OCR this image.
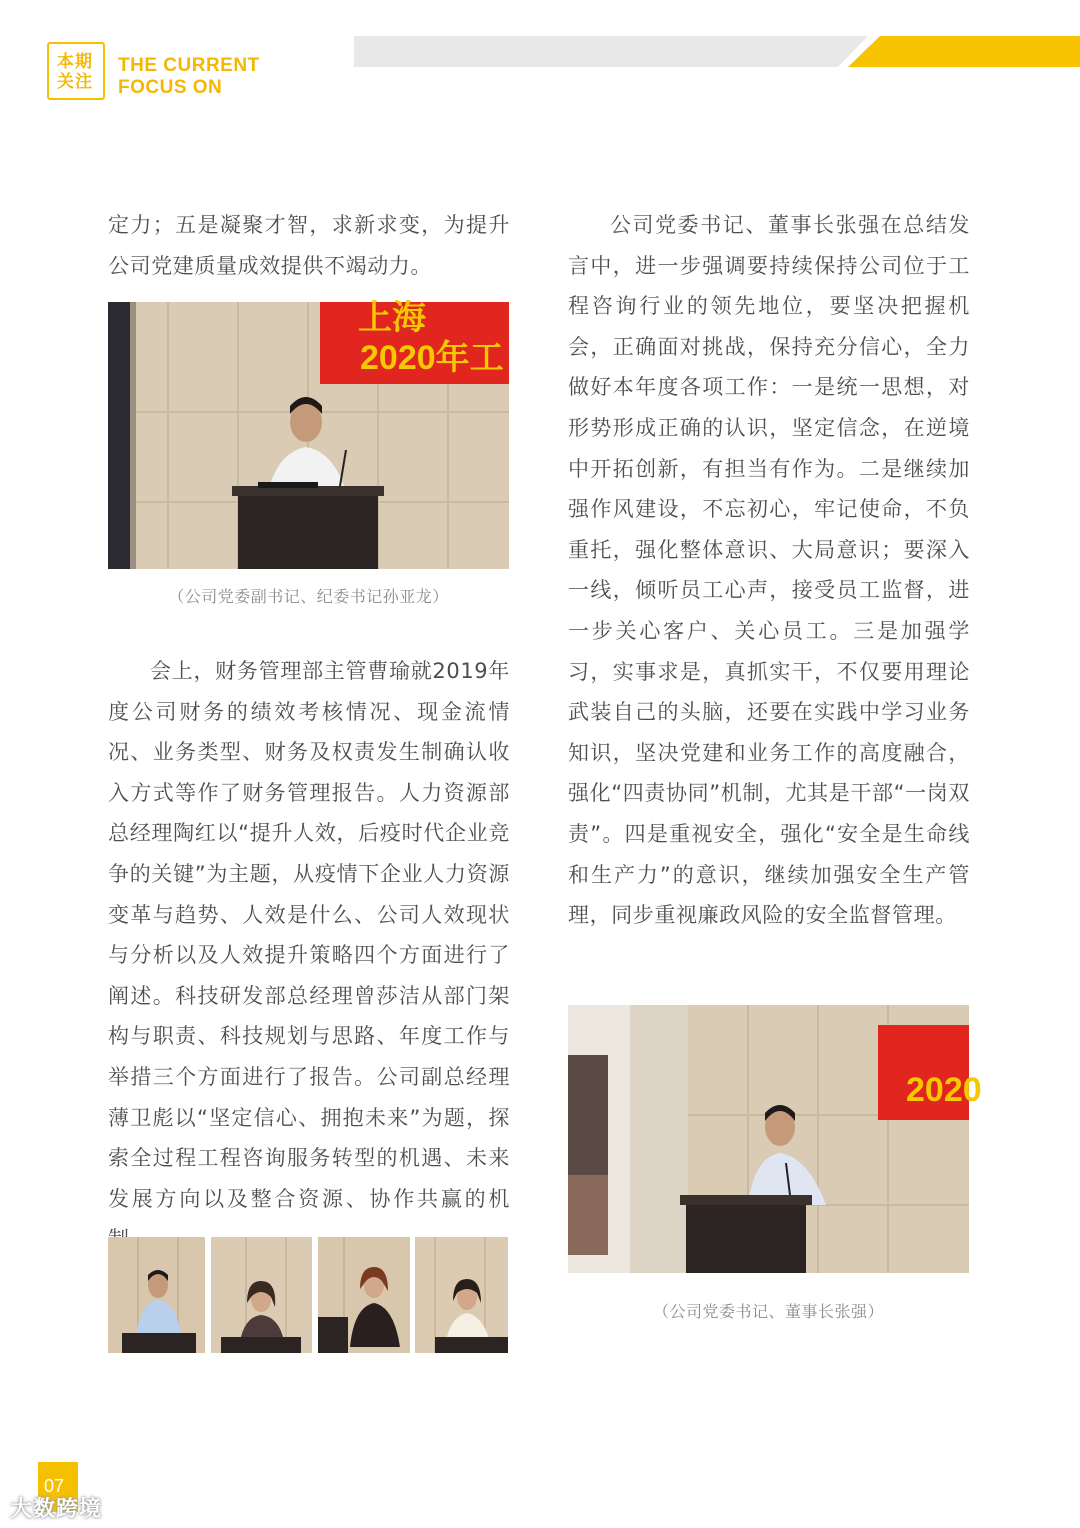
本期关注
THE CURRENT
FOCUS ON

定力；五是凝聚才智，求新求变，为提升公司党建质量成效提供不竭动力。

上海
2020年工
（公司党委副书记、纪委书记孙亚龙）

会上，财务管理部主管曹瑜就2019年度公司财务的绩效考核情况、现金流情况、业务类型、财务及权责发生制确认收入方式等作了财务管理报告。人力资源部总经理陶红以“提升人效，后疫时代企业竞争的关键”为主题，从疫情下企业人力资源变革与趋势、人效是什么、公司人效现状与分析以及人效提升策略四个方面进行了阐述。科技研发部总经理曾莎洁从部门架构与职责、科技规划与思路、年度工作与举措三个方面进行了报告。公司副总经理薄卫彪以“坚定信心、拥抱未来”为题，探索全过程工程咨询服务转型的机遇、未来发展方向以及整合资源、协作共赢的机

公司党委书记、董事长张强在总结发言中，进一步强调要持续保持公司位于工程咨询行业的领先地位，要坚决把握机会，正确面对挑战，保持充分信心，全力做好本年度各项工作：一是统一思想，对形势形成正确的认识，坚定信念，在逆境中开拓创新，有担当有作为。二是继续加强作风建设，不忘初心，牢记使命，不负重托，强化整体意识、大局意识；要深入一线，倾听员工心声，接受员工监督，进一步关心客户、关心员工。三是加强学习，实事求是，真抓实干，不仅要用理论武装自己的头脑，还要在实践中学习业务知识，坚决党建和业务工作的高度融合，强化“四责协同”机制，尤其是干部“一岗双责”。四是重视安全，强化“安全是生命线和生产力”的意识，继续加强安全生产管理，同步重视廉政风险的安全监督管理。

2020
（公司党委书记、董事长张强）
07
大数跨境
